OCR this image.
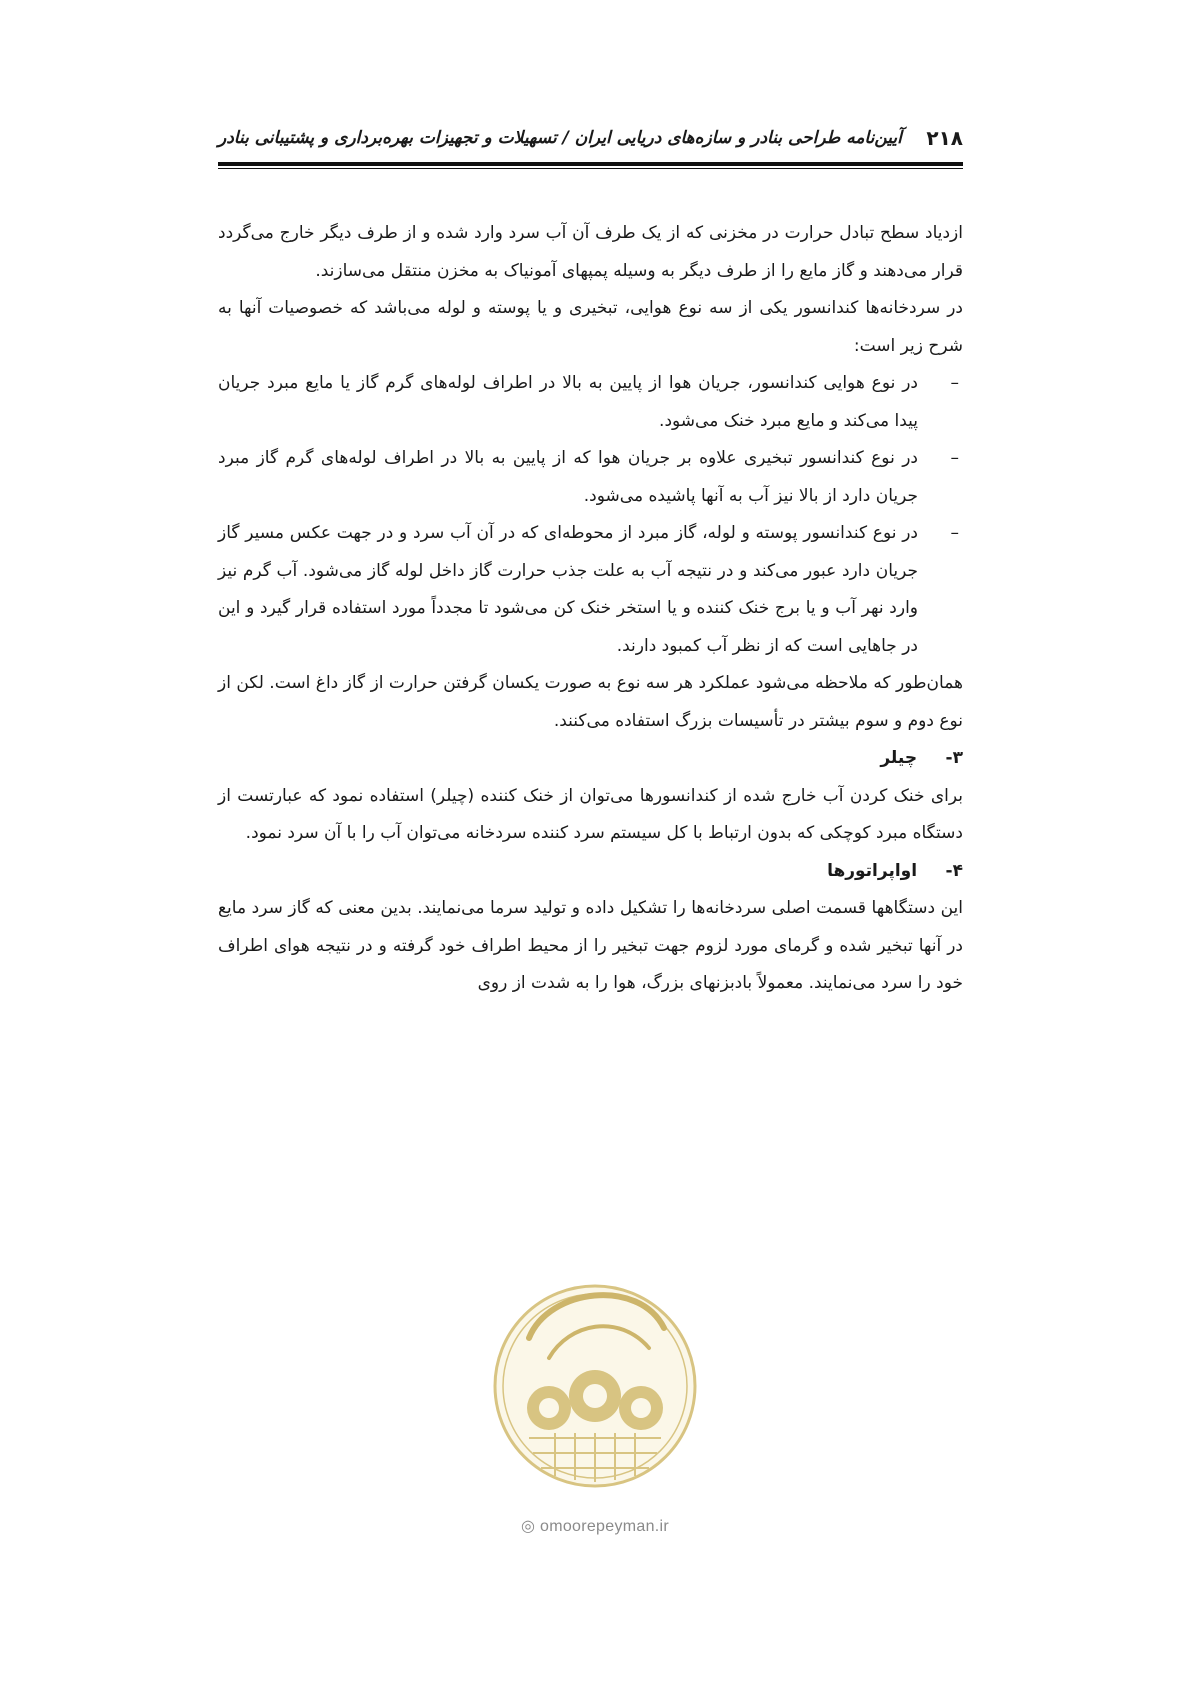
۲۱۸
آیین‌نامه طراحی بنادر و سازه‌های دریایی ایران / تسهیلات و تجهیزات بهره‌برداری و پشتیبانی بنادر

ازدیاد سطح تبادل حرارت در مخزنی که از یک طرف آن آب سرد وارد شده و از طرف دیگر خارج می‌گردد قرار می‌دهند و گاز مایع را از طرف دیگر به وسیله پمپهای آمونیاک به مخزن منتقل می‌سازند.

در سردخانه‌ها کندانسور یکی از سه نوع هوایی، تبخیری و یا پوسته و لوله می‌باشد که خصوصیات آنها به شرح زیر است:

–
در نوع هوایی کندانسور، جریان هوا از پایین به بالا در اطراف لوله‌های گرم گاز یا مایع مبرد جریان پیدا می‌کند و مایع مبرد خنک می‌شود.
–
در نوع کندانسور تبخیری علاوه بر جریان هوا که از پایین به بالا در اطراف لوله‌های گرم گاز مبرد جریان دارد از بالا نیز آب به آنها پاشیده می‌شود.
–
در نوع کندانسور پوسته و لوله، گاز مبرد از محوطه‌ای که در آن آب سرد و در جهت عکس مسیر گاز جریان دارد عبور می‌کند و در نتیجه آب به علت جذب حرارت گاز داخل لوله گاز می‌شود. آب گرم نیز وارد نهر آب و یا برج خنک کننده و یا استخر خنک کن می‌شود تا مجدداً مورد استفاده قرار گیرد و این در جاهایی است که از نظر آب کمبود دارند.

همان‌طور که ملاحظه می‌شود عملکرد هر سه نوع به صورت یکسان گرفتن حرارت از گاز داغ است. لکن از نوع دوم و سوم بیشتر در تأسیسات بزرگ استفاده می‌کنند.

۳- چیلر

برای خنک کردن آب خارج شده از کندانسورها می‌توان از خنک کننده (چیلر) استفاده نمود که عبارتست از دستگاه مبرد کوچکی که بدون ارتباط با کل سیستم سرد کننده سردخانه می‌توان آب را با آن سرد نمود.

۴- اواپراتورها

این دستگاهها قسمت اصلی سردخانه‌ها را تشکیل داده و تولید سرما می‌نمایند. بدین معنی که گاز سرد مایع در آنها تبخیر شده و گرمای مورد لزوم جهت تبخیر را از محیط اطراف خود گرفته و در نتیجه هوای اطراف خود را سرد می‌نمایند. معمولاً بادبزنهای بزرگ، هوا را به شدت از روی

◎ omoorepeyman.ir
